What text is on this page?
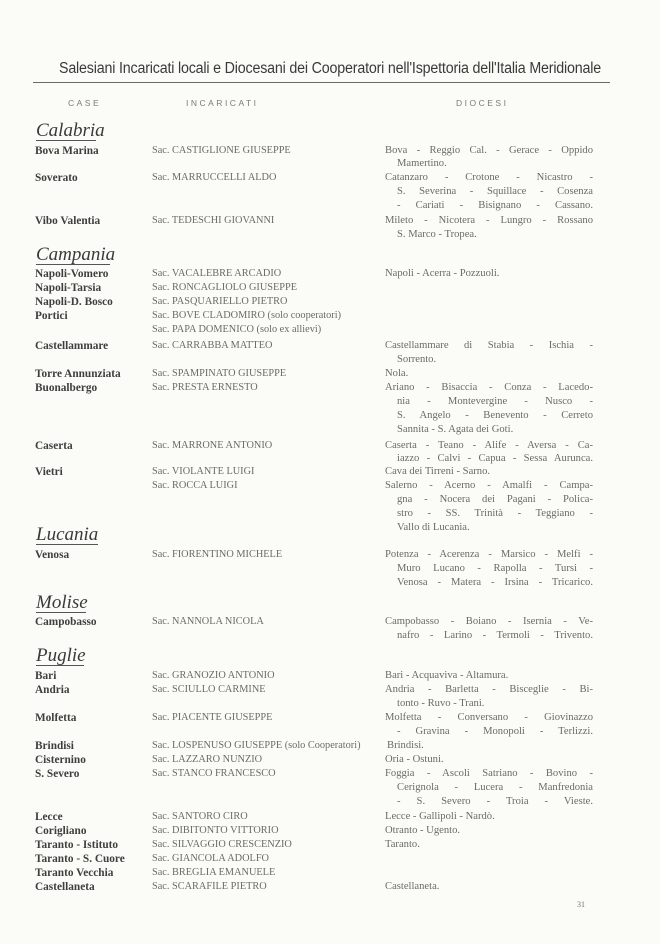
Salesiani Incaricati locali e Diocesani dei Cooperatori nell'Ispettoria dell'Italia Meridionale
CASE	INCARICATI	DIOCESI
Calabria
Campania
Lucania
Molise
Puglie
Bova Marina
Soverato
Vibo Valentia
Napoli-Vomero
Napoli-Tarsia
Napoli-D. Bosco
Portici
Castellammare
Torre Annunziata
Buonalbergo
Caserta
Vietri
Venosa
Campobasso
Bari
Andria
Molfetta
Brindisi
Cisternino
S. Severo
Lecce
Corigliano
Taranto - Istituto
Taranto - S. Cuore
Taranto Vecchia
Castellaneta
Sac. CASTIGLIONE GIUSEPPE
Sac. MARRUCCELLI ALDO
Sac. TEDESCHI GIOVANNI
Sac. VACALEBRE ARCADIO
Sac. RONCAGLIOLO GIUSEPPE
Sac. PASQUARIELLO PIETRO
Sac. BOVE CLADOMIRO (solo cooperatori)
Sac. PAPA DOMENICO (solo ex allievi)
Sac. CARRABBA MATTEO
Sac. SPAMPINATO GIUSEPPE
Sac. PRESTA ERNESTO
Sac. MARRONE ANTONIO
Sac. VIOLANTE LUIGI
Sac. ROCCA LUIGI
Sac. FIORENTINO MICHELE
Sac. NANNOLA NICOLA
Sac. GRANOZIO ANTONIO
Sac. SCIULLO CARMINE
Sac. PIACENTE GIUSEPPE
Sac. LOSPENUSO GIUSEPPE (solo Cooperatori)
Sac. LAZZARO NUNZIO
Sac. STANCO FRANCESCO
Sac. SANTORO CIRO
Sac. DIBITONTO VITTORIO
Sac. SILVAGGIO CRESCENZIO
Sac. GIANCOLA ADOLFO
Sac. BREGLIA EMANUELE
Sac. SCARAFILE PIETRO
Bova - Reggio Cal. - Gerace - Oppido
Mamertino.
Catanzaro - Crotone - Nicastro -
S. Severina - Squillace - Cosenza
- Cariati - Bisignano - Cassano.
Mileto - Nicotera - Lungro - Rossano
S. Marco - Tropea.
Napoli - Acerra - Pozzuoli.
Castellammare di Stabia - Ischia -
Sorrento.
Nola.
Ariano - Bisaccia - Conza - Lacedo-
nia - Montevergine - Nusco -
S. Angelo - Benevento - Cerreto
Sannita - S. Agata dei Goti.
Caserta - Teano - Alife - Aversa - Ca-
iazzo - Calvi - Capua - Sessa Aurunca.
Cava dei Tirreni - Sarno.
Salerno - Acerno - Amalfi - Campa-
gna - Nocera dei Pagani - Polica-
stro - SS. Trinità - Teggiano -
Vallo di Lucania.
Potenza - Acerenza - Marsico - Melfi -
Muro Lucano - Rapolla - Tursi -
Venosa - Matera - Irsina - Tricarico.
Campobasso - Boiano - Isernia - Ve-
nafro - Larino - Termoli - Trivento.
Bari - Acquaviva - Altamura.
Andria - Barletta - Bisceglie - Bi-
tonto - Ruvo - Trani.
Molfetta - Conversano - Giovinazzo
- Gravina - Monopoli - Terlizzi.
Brindisi.
Oria - Ostuni.
Foggia - Ascoli Satriano - Bovino -
Cerignola - Lucera - Manfredonia
- S. Severo - Troia - Vieste.
Lecce - Gallipoli - Nardò.
Otranto - Ugento.
Taranto.
Castellaneta.
31
